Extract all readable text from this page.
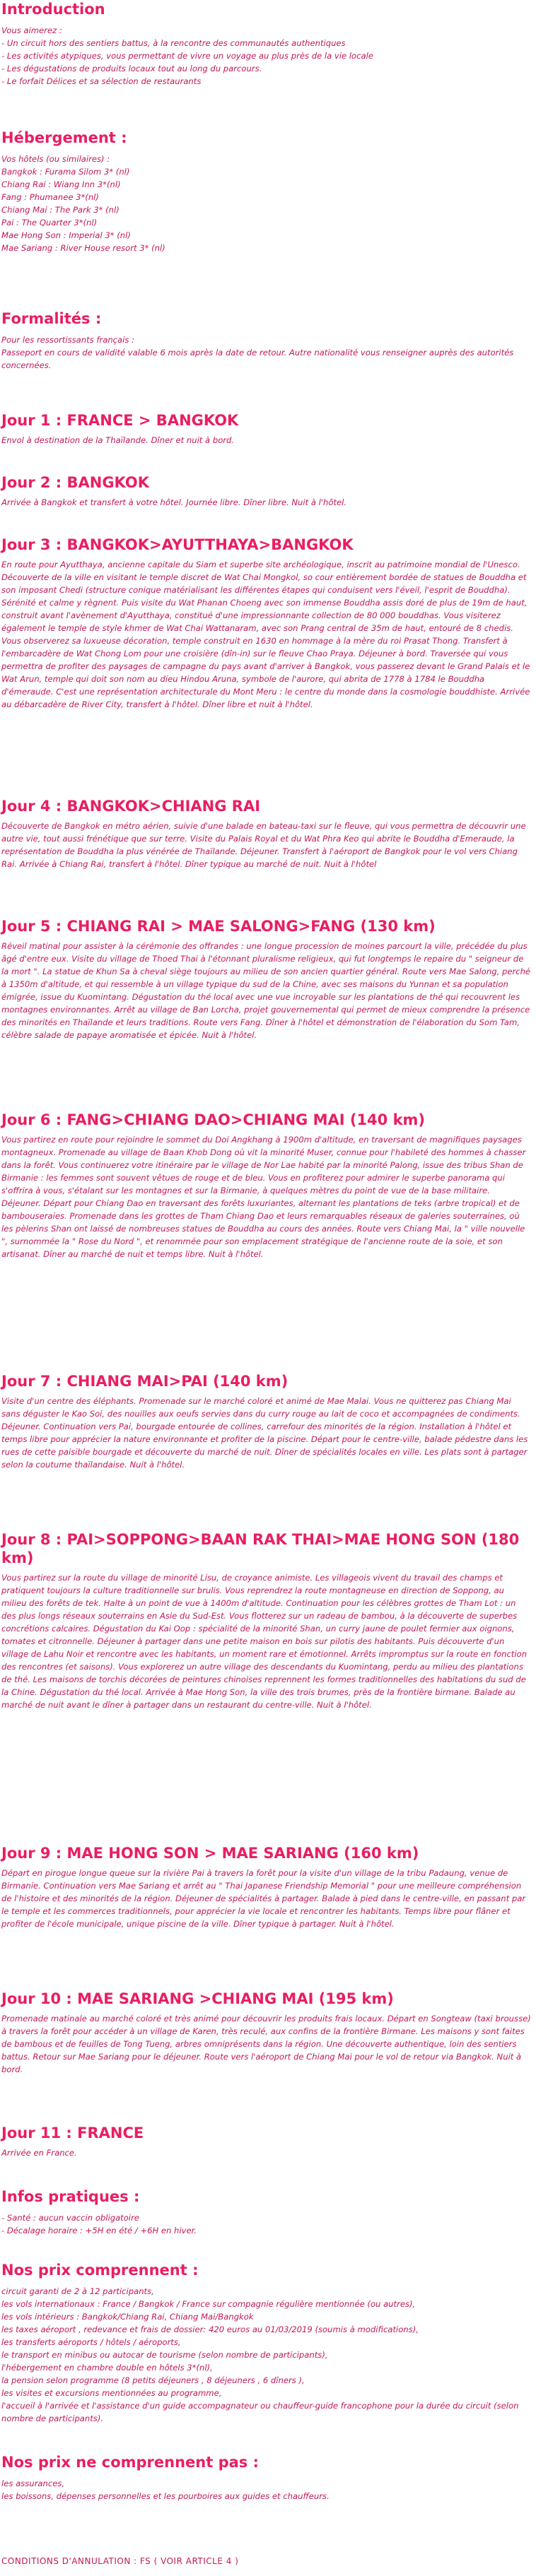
Introduction
Vous aimerez :
- Un circuit hors des sentiers battus, à la rencontre des communautés authentiques
- Les activités atypiques, vous permettant de vivre un voyage au plus près de la vie locale
- Les dégustations de produits locaux tout au long du parcours.
- Le forfait Délices et sa sélection de restaurants
Hébergement :
Vos hôtels (ou similaires) :
Bangkok : Furama Silom 3* (nl)
Chiang Rai : Wiang Inn 3*(nl)
Fang : Phumanee 3*(nl)
Chiang Mai : The Park 3* (nl)
Pai : The Quarter 3*(nl)
Mae Hong Son : Imperial 3* (nl)
Mae Sariang : River House resort 3* (nl)
Formalités :
Pour les ressortissants français :
Passeport en cours de validité valable 6 mois après la date de retour. Autre nationalité vous renseigner auprès des autorités concernées.
Jour 1 : FRANCE > BANGKOK

Envol à destination de la Thaïlande. Dîner et nuit à bord.

Jour 2 : BANGKOK

Arrivée à Bangkok et transfert à votre hôtel. Journée libre. Dîner libre. Nuit à l'hôtel.

Jour 3 : BANGKOK>AYUTTHAYA>BANGKOK

En route pour Ayutthaya, ancienne capitale du Siam et superbe site archéologique, inscrit au patrimoine mondial de l'Unesco. Découverte de la ville en visitant le temple discret de Wat Chai Mongkol, so cour entièrement bordée de statues de Bouddha et son imposant Chedi (structure conique matérialisant les différentes étapes qui conduisent vers l'éveil, l'esprit de Bouddha). Sérénité et calme y règnent. Puis visite du Wat Phanan Choeng avec son immense Bouddha assis doré de plus de 19m de haut, construit avant l'avènement d'Ayutthaya, constitué d'une impressionnante collection de 80 000 bouddhas. Vous visiterez également le temple de style khmer de Wat Chai Wattanaram, avec son Prang central de 35m de haut, entouré de 8 chedis. Vous observerez sa luxueuse décoration, temple construit en 1630 en hommage à la mère du roi Prasat Thong. Transfert à l'embarcadère de Wat Chong Lom pour une croisière (dîn-in) sur le fleuve Chao Praya. Déjeuner à bord. Traversée qui vous permettra de profiter des paysages de campagne du pays avant d'arriver à Bangkok, vous passerez devant le Grand Palais et le Wat Arun, temple qui doit son nom au dieu Hindou Aruna, symbole de l'aurore, qui abrita de 1778 à 1784 le Bouddha d'émeraude. C'est une représentation architecturale du Mont Meru : le centre du monde dans la cosmologie bouddhiste. Arrivée au débarcadère de River City, transfert à l'hôtel. Dîner libre et nuit à l'hôtel.

Jour 4 : BANGKOK>CHIANG RAI

Découverte de Bangkok en métro aérien, suivie d'une balade en bateau-taxi sur le fleuve, qui vous permettra de découvrir une autre vie, tout aussi frénétique que sur terre. Visite du Palais Royal et du Wat Phra Keo qui abrite le Bouddha d'Emeraude, la représentation de Bouddha la plus vénérée de Thaïlande. Déjeuner. Transfert à l'aéroport de Bangkok pour le vol vers Chiang Rai. Arrivée à Chiang Rai, transfert à l'hôtel. Dîner typique au marché de nuit. Nuit à l'hôtel

Jour 5 : CHIANG RAI > MAE SALONG>FANG (130 km)

Réveil matinal pour assister à la cérémonie des offrandes : une longue procession de moines parcourt la ville, précédée du plus âgé d'entre eux. Visite du village de Thoed Thai à l'étonnant pluralisme religieux, qui fut longtemps le repaire du " seigneur de la mort ". La statue de Khun Sa à cheval siège toujours au milieu de son ancien quartier général. Route vers Mae Salong, perché à 1350m d'altitude, et qui ressemble à un village typique du sud de la Chine, avec ses maisons du Yunnan et sa population émigrée, issue du Kuomintang. Dégustation du thé local avec une vue incroyable sur les plantations de thé qui recouvrent les montagnes environnantes. Arrêt au village de Ban Lorcha, projet gouvernemental qui permet de mieux comprendre la présence des minorités en Thaïlande et leurs traditions. Route vers Fang. Dîner à l'hôtel et démonstration de l'élaboration du Som Tam, célèbre salade de papaye aromatisée et épicée. Nuit à l'hôtel.

Jour 6 : FANG>CHIANG DAO>CHIANG MAI (140 km)

Vous partirez en route pour rejoindre le sommet du Doi Angkhang à 1900m d'altitude, en traversant de magnifiques paysages montagneux. Promenade au village de Baan Khob Dong où vit la minorité Muser, connue pour l'habileté des hommes à chasser dans la forêt. Vous continuerez votre itinéraire par le village de Nor Lae habité par la minorité Palong, issue des tribus Shan de Birmanie : les femmes sont souvent vêtues de rouge et de bleu. Vous en profiterez pour admirer le superbe panorama qui s'offrira à vous, s'étalant sur les montagnes et sur la Birmanie, à quelques mètres du point de vue de la base militaire. Déjeuner. Départ pour Chiang Dao en traversant des forêts luxuriantes, alternant les plantations de teks (arbre tropical) et de bambouseraies. Promenade dans les grottes de Tham Chiang Dao et leurs remarquables réseaux de galeries souterraines, où les pèlerins Shan ont laissé de nombreuses statues de Bouddha au cours des années. Route vers Chiang Mai, la " ville nouvelle ", surnommée la " Rose du Nord ", et renommée pour son emplacement stratégique de l'ancienne route de la soie, et son artisanat. Dîner au marché de nuit et temps libre. Nuit à l'hôtel.

Jour 7 : CHIANG MAI>PAI (140 km)

Visite d'un centre des éléphants. Promenade sur le marché coloré et animé de Mae Malai. Vous ne quitterez pas Chiang Mai sans déguster le Kao Soi, des nouilles aux oeufs servies dans du curry rouge au lait de coco et accompagnées de condiments. Déjeuner. Continuation vers Pai, bourgade entourée de collines, carrefour des minorités de la région. Installation à l'hôtel et temps libre pour apprécier la nature environnante et profiter de la piscine. Départ pour le centre-ville, balade pédestre dans les rues de cette paisible bourgade et découverte du marché de nuit. Dîner de spécialités locales en ville. Les plats sont à partager selon la coutume thaïlandaise. Nuit à l'hôtel.

Jour 8 : PAI>SOPPONG>BAAN RAK THAI>MAE HONG SON (180 km)

Vous partirez sur la route du village de minorité Lisu, de croyance animiste. Les villageois vivent du travail des champs et pratiquent toujours la culture traditionnelle sur brulis. Vous reprendrez la route montagneuse en direction de Soppong, au milieu des forêts de tek. Halte à un point de vue à 1400m d'altitude. Continuation pour les célèbres grottes de Tham Lot : un des plus longs réseaux souterrains en Asie du Sud-Est. Vous flotterez sur un radeau de bambou, à la découverte de superbes concrétions calcaires. Dégustation du Kai Oop : spécialité de la minorité Shan, un curry jaune de poulet fermier aux oignons, tomates et citronnelle. Déjeuner à partager dans une petite maison en bois sur pilotis des habitants. Puis découverte d'un village de Lahu Noir et rencontre avec les habitants, un moment rare et émotionnel. Arrêts impromptus sur la route en fonction des rencontres (et saisons). Vous explorerez un autre village des descendants du Kuomintang, perdu au milieu des plantations de thé. Les maisons de torchis décorées de peintures chinoises reprennent les formes traditionnelles des habitations du sud de la Chine. Dégustation du thé local. Arrivée à Mae Hong Son, la ville des trois brumes, près de la frontière birmane. Balade au marché de nuit avant le dîner à partager dans un restaurant du centre-ville. Nuit à l'hôtel.

Jour 9 : MAE HONG SON > MAE SARIANG (160 km)

Départ en pirogue longue queue sur la rivière Pai à travers la forêt pour la visite d'un village de la tribu Padaung, venue de Birmanie. Continuation vers Mae Sariang et arrêt au " Thai Japanese Friendship Memorial " pour une meilleure compréhension de l'histoire et des minorités de la région. Déjeuner de spécialités à partager. Balade à pied dans le centre-ville, en passant par le temple et les commerces traditionnels, pour apprécier la vie locale et rencontrer les habitants. Temps libre pour flâner et profiter de l'école municipale, unique piscine de la ville. Dîner typique à partager. Nuit à l'hôtel.

Jour 10 : MAE SARIANG >CHIANG MAI (195 km)

Promenade matinale au marché coloré et très animé pour découvrir les produits frais locaux. Départ en Songteaw (taxi brousse) à travers la forêt pour accéder à un village de Karen, très reculé, aux confins de la frontière Birmane. Les maisons y sont faites de bambous et de feuilles de Tong Tueng, arbres omniprésents dans la région. Une découverte authentique, loin des sentiers battus. Retour sur Mae Sariang pour le déjeuner. Route vers l'aéroport de Chiang Mai pour le vol de retour via Bangkok. Nuit à bord.

Jour 11 : FRANCE

Arrivée en France.

Infos pratiques :
- Santé : aucun vaccin obligatoire
- Décalage horaire : +5H en été / +6H en hiver.
Nos prix comprennent :
circuit garanti de 2 à 12 participants,
les vols internationaux : France / Bangkok / France sur compagnie régulière mentionnée (ou autres),
les vols intérieurs : Bangkok/Chiang Rai, Chiang Mai/Bangkok
les taxes aéroport , redevance et frais de dossier: 420 euros au 01/03/2019 (soumis à modifications),
les transferts aéroports / hôtels / aéroports,
le transport en minibus ou autocar de tourisme (selon nombre de participants),
l'hébergement en chambre double en hôtels 3*(nl),
la pension selon programme (8 petits déjeuners , 8 déjeuners , 6 dîners ),
les visites et excursions mentionnées au programme,
l'accueil à l'arrivée et l'assistance d'un guide accompagnateur ou chauffeur-guide francophone pour la durée du circuit (selon nombre de participants).
Nos prix ne comprennent pas :
les assurances,
les boissons, dépenses personnelles et les pourboires aux guides et chauffeurs.
CONDITIONS D'ANNULATION : FS ( VOIR ARTICLE 4 )
